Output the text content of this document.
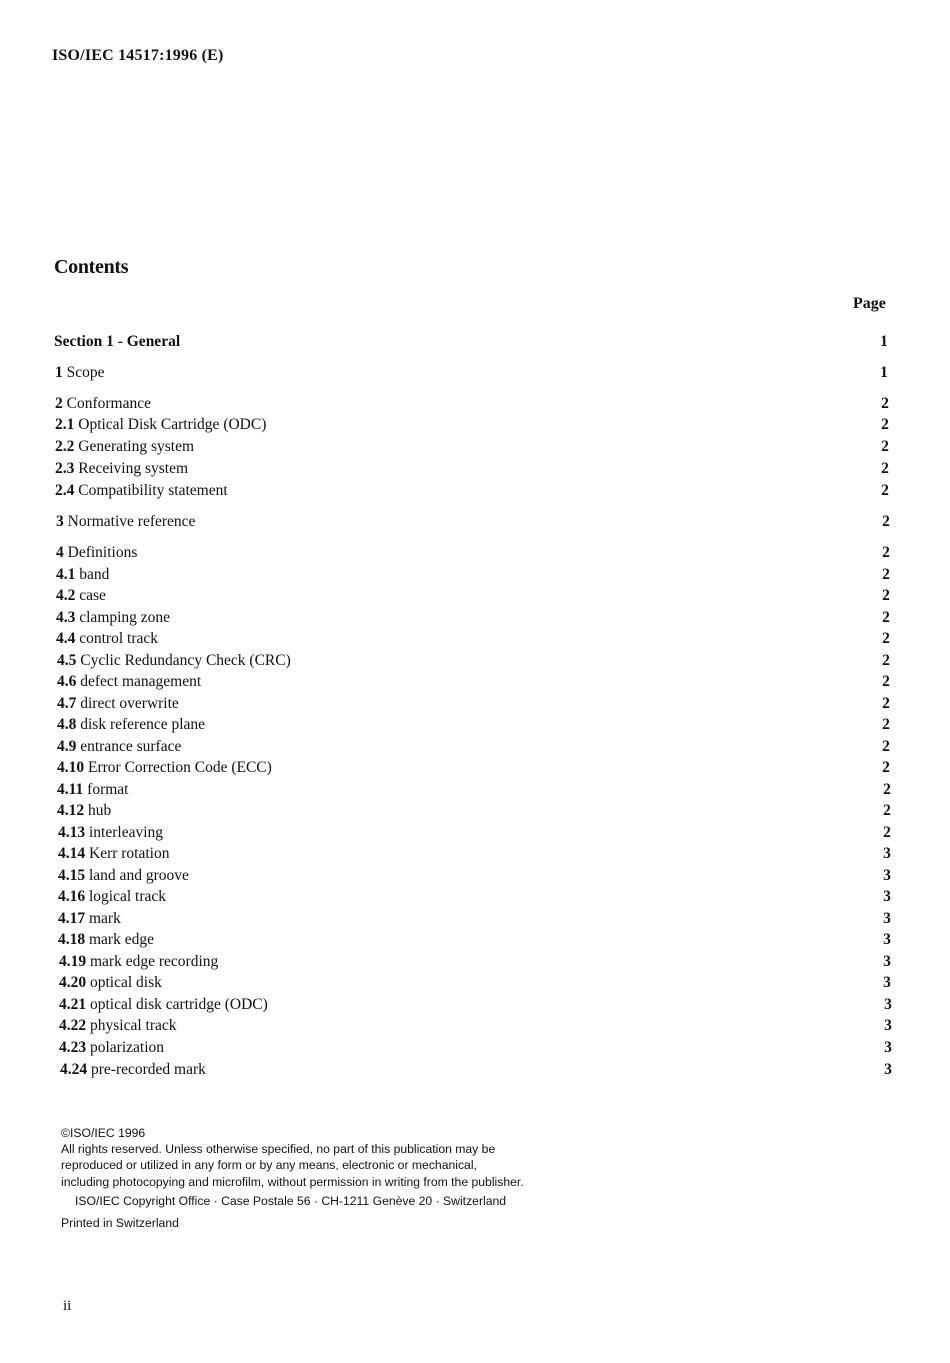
ISO/IEC 14517:1996 (E)
Contents
Page
Section 1 - General	1
1 Scope	1
2 Conformance	2
2.1 Optical Disk Cartridge (ODC)	2
2.2 Generating system	2
2.3 Receiving system	2
2.4 Compatibility statement	2
3 Normative reference	2
4 Definitions	2
4.1 band	2
4.2 case	2
4.3 clamping zone	2
4.4 control track	2
4.5 Cyclic Redundancy Check (CRC)	2
4.6 defect management	2
4.7 direct overwrite	2
4.8 disk reference plane	2
4.9 entrance surface	2
4.10 Error Correction Code (ECC)	2
4.11 format	2
4.12 hub	2
4.13 interleaving	2
4.14 Kerr rotation	3
4.15 land and groove	3
4.16 logical track	3
4.17 mark	3
4.18 mark edge	3
4.19 mark edge recording	3
4.20 optical disk	3
4.21 optical disk cartridge (ODC)	3
4.22 physical track	3
4.23 polarization	3
4.24 pre-recorded mark	3
©ISO/IEC 1996
All rights reserved. Unless otherwise specified, no part of this publication may be
reproduced or utilized in any form or by any means, electronic or mechanical,
including photocopying and microfilm, without permission in writing from the publisher.
ISO/IEC Copyright Office · Case Postale 56 · CH-1211 Genève 20 · Switzerland
Printed in Switzerland
ii
